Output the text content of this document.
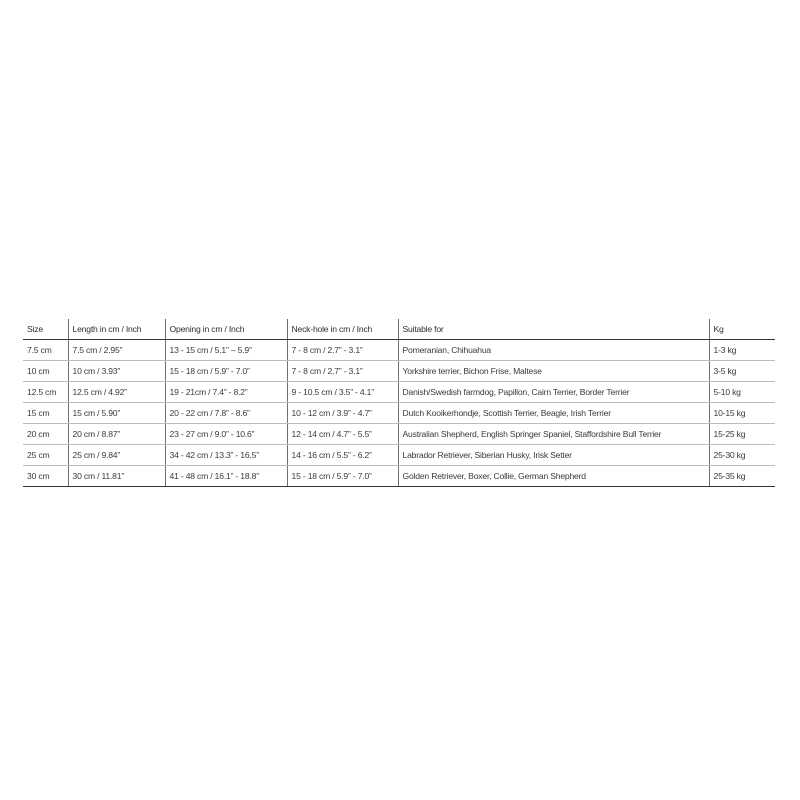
Size	Length in cm / Inch	Opening in cm / Inch	Neck-hole in cm / Inch	Suitable for	Kg
7.5 cm	7.5 cm / 2.95”	13 - 15 cm / 5.1” – 5.9”	7 - 8 cm / 2.7” - 3.1”	Pomeranian, Chihuahua	1-3 kg
10 cm	10 cm / 3.93”	15 - 18 cm / 5.9” - 7.0”	7 - 8 cm / 2.7” - 3.1”	Yorkshire terrier, Bichon Frise, Maltese	3-5 kg
12.5 cm	12.5 cm / 4.92”	19 - 21cm / 7.4” - 8.2”	9 - 10.5 cm / 3.5” - 4.1”	Danish/Swedish farmdog, Papillon, Cairn Terrier, Border Terrier	5-10 kg
15 cm	15 cm / 5.90”	20 - 22 cm / 7.8” - 8.6”	10 - 12 cm / 3.9” - 4.7”	Dutch Kooikerhondje, Scottish Terrier, Beagle, Irish Terrier	10-15 kg
20 cm	20 cm / 8.87”	23 - 27 cm / 9.0” - 10.6”	12 - 14 cm / 4.7” - 5.5”	Australian Shepherd, English Springer Spaniel, Staffordshire Bull Terrier	15-25 kg
25 cm	25 cm / 9.84”	34 - 42 cm / 13.3” - 16.5”	14 - 16 cm / 5.5” - 6.2”	Labrador Retriever, Siberian Husky, Irisk Setter	25-30 kg
30 cm	30 cm / 11.81”	41 - 48 cm / 16.1” - 18.8”	15 - 18 cm / 5.9” - 7.0”	Golden Retriever, Boxer, Collie, German Shepherd	25-35 kg
